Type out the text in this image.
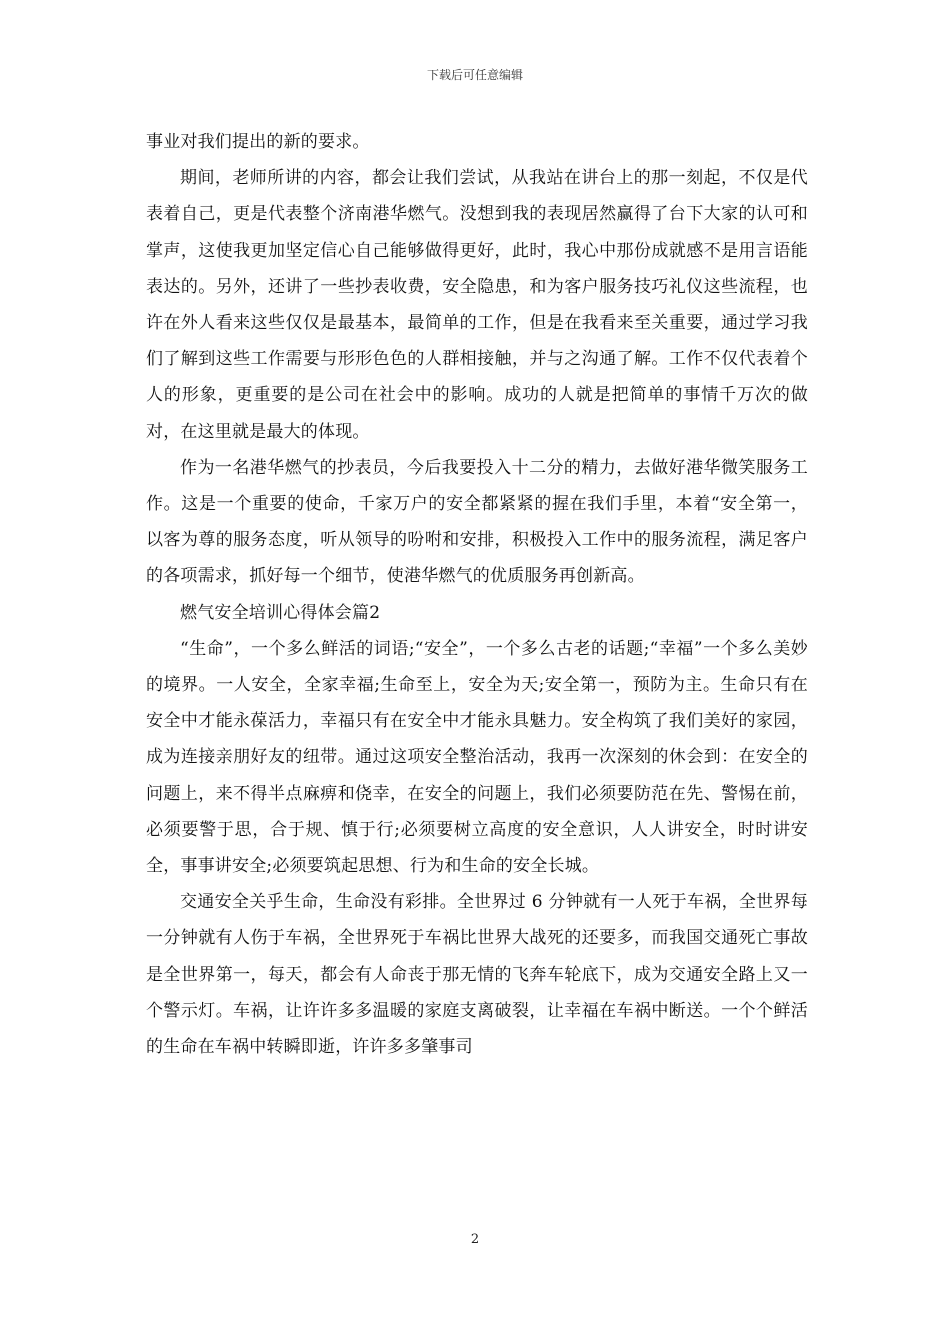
下载后可任意编辑

事业对我们提出的新的要求。

期间，老师所讲的内容，都会让我们尝试，从我站在讲台上的那一刻起，不仅是代表着自己，更是代表整个济南港华燃气。没想到我的表现居然赢得了台下大家的认可和掌声，这使我更加坚定信心自己能够做得更好，此时，我心中那份成就感不是用言语能表达的。另外，还讲了一些抄表收费，安全隐患，和为客户服务技巧礼仪这些流程，也许在外人看来这些仅仅是最基本，最简单的工作，但是在我看来至关重要，通过学习我们了解到这些工作需要与形形色色的人群相接触，并与之沟通了解。工作不仅代表着个人的形象，更重要的是公司在社会中的影响。成功的人就是把简单的事情千万次的做对，在这里就是最大的体现。

作为一名港华燃气的抄表员，今后我要投入十二分的精力，去做好港华微笑服务工作。这是一个重要的使命，千家万户的安全都紧紧的握在我们手里，本着“安全第一，以客为尊的服务态度，听从领导的吩咐和安排，积极投入工作中的服务流程，满足客户的各项需求，抓好每一个细节，使港华燃气的优质服务再创新高。

燃气安全培训心得体会篇2

“生命”，一个多么鲜活的词语;“安全”，一个多么古老的话题;“幸福”一个多么美妙的境界。一人安全，全家幸福;生命至上，安全为天;安全第一，预防为主。生命只有在安全中才能永葆活力，幸福只有在安全中才能永具魅力。安全构筑了我们美好的家园，成为连接亲朋好友的纽带。通过这项安全整治活动，我再一次深刻的休会到：在安全的问题上，来不得半点麻痹和侥幸，在安全的问题上，我们必须要防范在先、警惕在前，必须要警于思，合于规、慎于行;必须要树立高度的安全意识，人人讲安全，时时讲安全，事事讲安全;必须要筑起思想、行为和生命的安全长城。

交通安全关乎生命，生命没有彩排。全世界过 6 分钟就有一人死于车祸，全世界每一分钟就有人伤于车祸，全世界死于车祸比世界大战死的还要多，而我国交通死亡事故是全世界第一，每天，都会有人命丧于那无情的飞奔车轮底下，成为交通安全路上又一个警示灯。车祸，让许许多多温暖的家庭支离破裂，让幸福在车祸中断送。一个个鲜活的生命在车祸中转瞬即逝，许许多多肇事司

2
